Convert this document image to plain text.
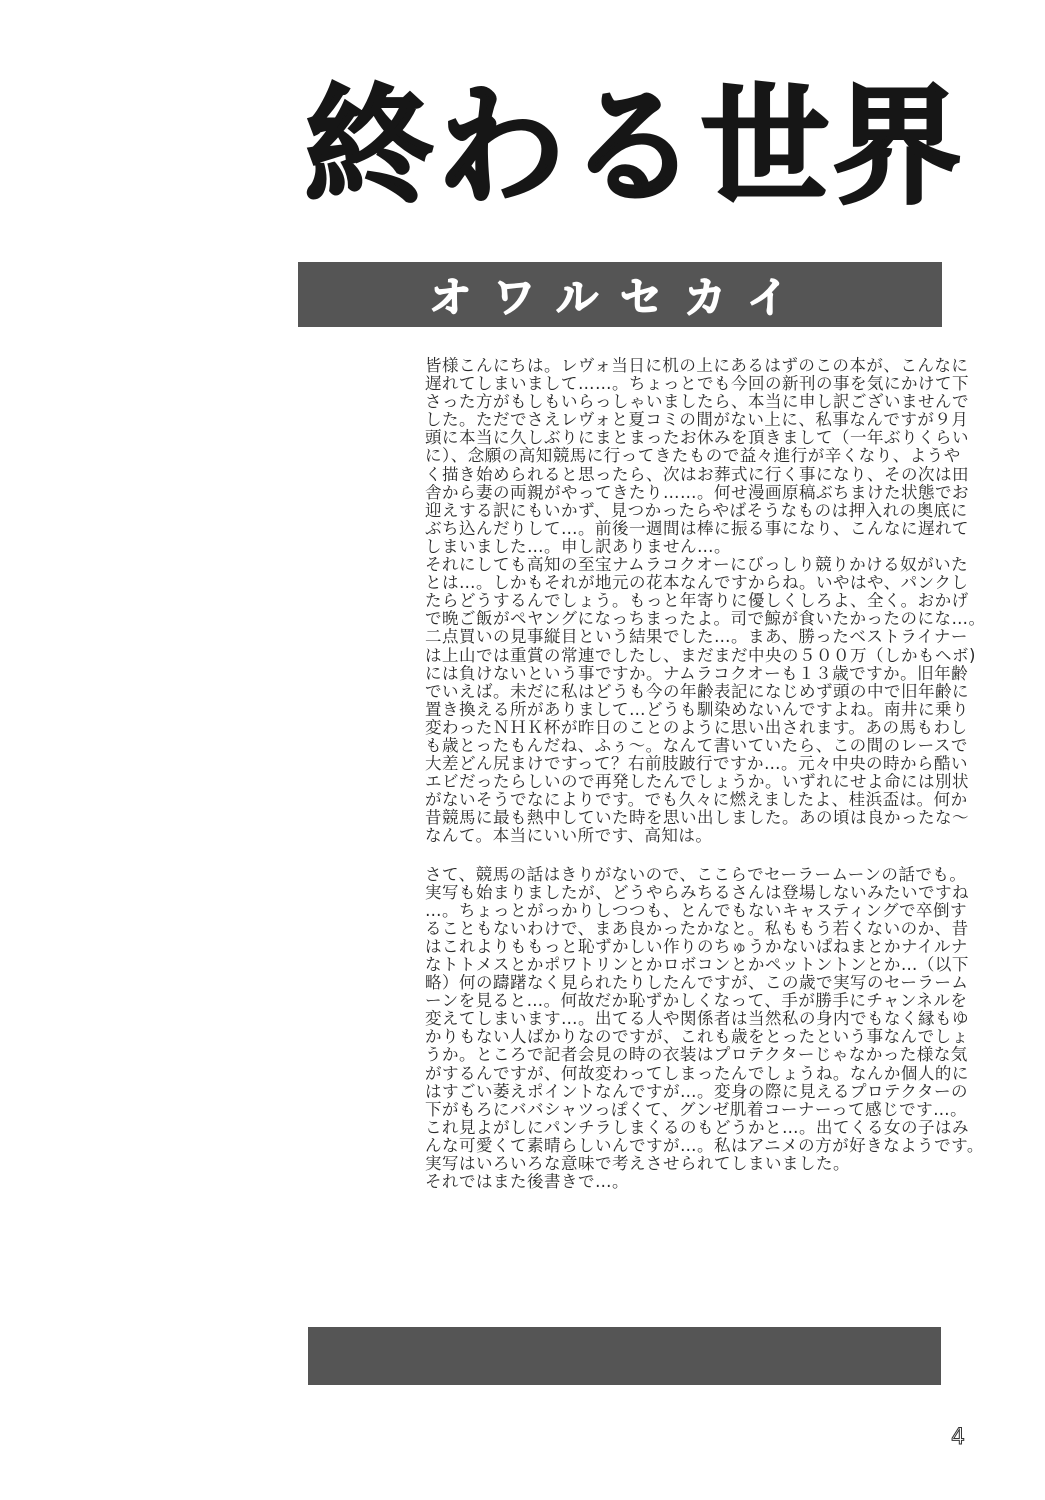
終わる世界
オワルセカイ
皆様こんにちは。レヴォ当日に机の上にあるはずのこの本が、こんなに
遅れてしまいまして……。ちょっとでも今回の新刊の事を気にかけて下
さった方がもしもいらっしゃいましたら、本当に申し訳ございませんで
した。ただでさえレヴォと夏コミの間がない上に、私事なんですが９月
頭に本当に久しぶりにまとまったお休みを頂きまして（一年ぶりくらい
に）、念願の高知競馬に行ってきたもので益々進行が辛くなり、ようや
く描き始められると思ったら、次はお葬式に行く事になり、その次は田
舎から妻の両親がやってきたり……。何せ漫画原稿ぶちまけた状態でお
迎えする訳にもいかず、見つかったらやばそうなものは押入れの奥底に
ぶち込んだりして…。前後一週間は棒に振る事になり、こんなに遅れて
しまいました…。申し訳ありません…。
それにしても高知の至宝ナムラコクオーにびっしり競りかける奴がいた
とは…。しかもそれが地元の花本なんですからね。いやはや、パンクし
たらどうするんでしょう。もっと年寄りに優しくしろよ、全く。おかげ
で晩ご飯がペヤングになっちまったよ。司で鯨が食いたかったのにな…。
二点買いの見事縦目という結果でした…。まあ、勝ったベストライナー
は上山では重賞の常連でしたし、まだまだ中央の５００万（しかもヘボ)
には負けないという事ですか。ナムラコクオーも１３歳ですか。旧年齢
でいえば。未だに私はどうも今の年齢表記になじめず頭の中で旧年齢に
置き換える所がありまして…どうも馴染めないんですよね。南井に乗り
変わったＮＨＫ杯が昨日のことのように思い出されます。あの馬もわし
も歳とったもんだね、ふぅ～。なんて書いていたら、この間のレースで
大差どん尻まけですって？右前肢跛行ですか…。元々中央の時から酷い
エビだったらしいので再発したんでしょうか。いずれにせよ命には別状
がないそうでなによりです。でも久々に燃えましたよ、桂浜盃は。何か
昔競馬に最も熱中していた時を思い出しました。あの頃は良かったな～
なんて。本当にいい所です、高知は。
さて、競馬の話はきりがないので、ここらでセーラームーンの話でも。
実写も始まりましたが、どうやらみちるさんは登場しないみたいですね
…。ちょっとがっかりしつつも、とんでもないキャスティングで卒倒す
ることもないわけで、まあ良かったかなと。私ももう若くないのか、昔
はこれよりももっと恥ずかしい作りのちゅうかないぱねまとかナイルナ
なトトメスとかポワトリンとかロボコンとかペットントンとか…（以下
略）何の躊躇なく見られたりしたんですが、この歳で実写のセーラーム
ーンを見ると…。何故だか恥ずかしくなって、手が勝手にチャンネルを
変えてしまいます…。出てる人や関係者は当然私の身内でもなく縁もゆ
かりもない人ばかりなのですが、これも歳をとったという事なんでしょ
うか。ところで記者会見の時の衣装はプロテクターじゃなかった様な気
がするんですが、何故変わってしまったんでしょうね。なんか個人的に
はすごい萎えポイントなんですが…。変身の際に見えるプロテクターの
下がもろにババシャツっぽくて、グンゼ肌着コーナーって感じです…。
これ見よがしにパンチラしまくるのもどうかと…。出てくる女の子はみ
んな可愛くて素晴らしいんですが…。私はアニメの方が好きなようです。
実写はいろいろな意味で考えさせられてしまいました。
それではまた後書きで…。
4
